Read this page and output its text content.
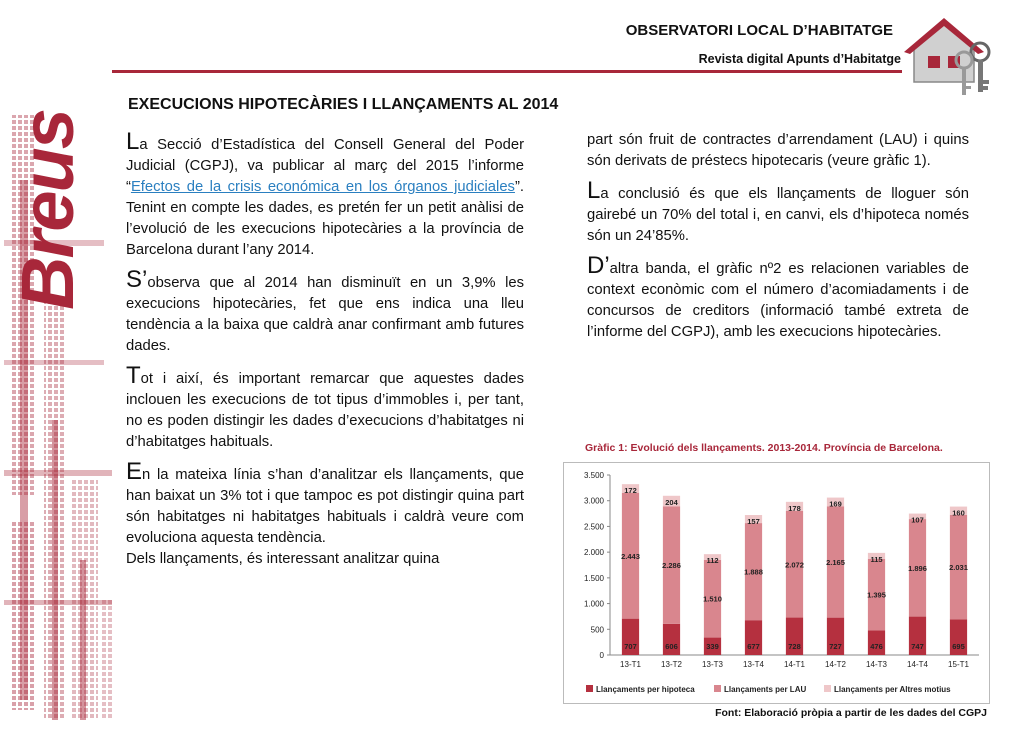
Breus
OBSERVATORI LOCAL D’HABITATGE
Revista digital Apunts d’Habitatge
EXECUCIONS HIPOTECÀRIES I LLANÇAMENTS AL 2014

La Secció d’Estadística del Consell General del Poder Judicial (CGPJ), va publicar al març del 2015 l’informe “Efectos de la crisis económica en los órganos judiciales”. Tenint en compte les dades, es pretén fer un petit anàlisi de l’evolució de les execucions hipotecàries a la província de Barcelona durant l’any 2014.

S’observa que al 2014 han disminuït en un 3,9% les execucions hipotecàries, fet que ens indica una lleu tendència a la baixa que caldrà anar confirmant amb futures dades.

Tot i així, és important remarcar que aquestes dades inclouen les execucions de tot tipus d’immobles i, per tant, no es poden distingir les dades d’execucions d’habitatges ni d’habitatges habituals.

En la mateixa línia s’han d’analitzar els llançaments, que han baixat un 3% tot i que tampoc es pot distingir quina part són habitatges ni habitatges habituals i caldrà veure com evoluciona aquesta tendència.

Dels llançaments, és interessant analitzar quina

part són fruit de contractes d’arrendament (LAU) i quins són derivats de préstecs hipotecaris (veure gràfic 1).

La conclusió és que els llançaments de lloguer són gairebé un 70% del total i, en canvi, els d’hipoteca només són un 24’85%.

D’altra banda, el gràfic nº2 es relacionen variables de context econòmic com el número d’acomiadaments i de concursos de creditors (informació també extreta de l’informe del CGPJ), amb les execucions hipotecàries.

Gràfic 1: Evolució dels llançaments. 2013-2014. Província de Barcelona.
0
500
1.000
1.500
2.000
2.500
3.000
3.500
707
2.443
172
13-T1
606
2.286
204
13-T2
339
1.510
112
13-T3
677
1.888
157
13-T4
728
2.072
178
14-T1
727
2.165
169
14-T2
476
1.395
115
14-T3
747
1.896
107
14-T4
695
2.031
160
15-T1
Llançaments per hipoteca	Llançaments per LAU	Llançaments per Altres motius
Font: Elaboració pròpia a partir de les dades del CGPJ
